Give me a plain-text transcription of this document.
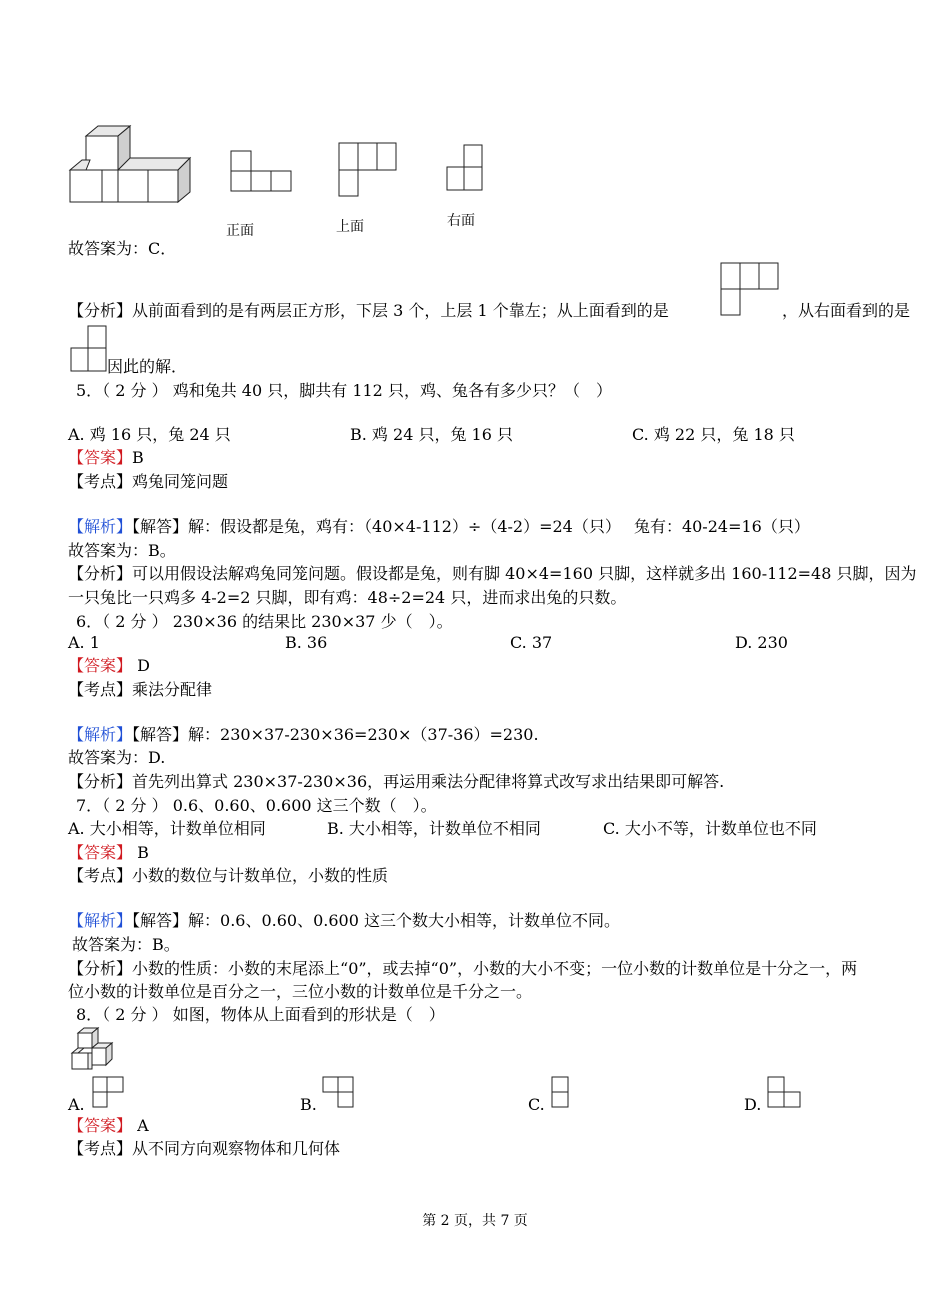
正面	上面	右面
故答案为：C．
【分析】从前面看到的是有两层正方形，下层 3 个，上层 1 个靠左；从上面看到的是	，从右面看到的是
因此的解．
5．（ 2 分 ） 鸡和兔共 40 只，脚共有 112 只，鸡、兔各有多少只？（　）
A. 鸡 16 只，兔 24 只	B. 鸡 24 只，兔 16 只	C. 鸡 22 只，兔 18 只
【答案】B
【考点】鸡兔同笼问题
【解析】【解答】解：假设都是兔，鸡有：（40×4-112）÷（4-2）=24（只）　 兔有：40-24=16（只）
故答案为：B。
【分析】可以用假设法解鸡兔同笼问题。假设都是兔，则有脚 40×4=160 只脚，这样就多出 160-112=48 只脚，因为
一只兔比一只鸡多 4-2=2 只脚，即有鸡：48÷2=24 只，进而求出兔的只数。
6．（ 2 分 ） 230×36 的结果比 230×37 少（　）。
A. 1	B. 36	C. 37	D. 230
【答案】 D
【考点】乘法分配律
【解析】【解答】解：230×37-230×36=230×（37-36）=230.
故答案为：D.
【分析】首先列出算式 230×37-230×36，再运用乘法分配律将算式改写求出结果即可解答.
7．（ 2 分 ） 0.6、0.60、0.600 这三个数（　）。
A. 大小相等，计数单位相同	B. 大小相等，计数单位不相同	C. 大小不等，计数单位也不同
【答案】 B
【考点】小数的数位与计数单位，小数的性质
【解析】【解答】解：0.6、0.60、0.600 这三个数大小相等，计数单位不同。
故答案为：B。
【分析】小数的性质：小数的末尾添上“0”，或去掉“0”，小数的大小不变；一位小数的计数单位是十分之一，两
位小数的计数单位是百分之一，三位小数的计数单位是千分之一。
8．（ 2 分 ） 如图，物体从上面看到的形状是（　）
A.	B.	C.	D.
【答案】 A
【考点】从不同方向观察物体和几何体
第 2 页，共 7 页
